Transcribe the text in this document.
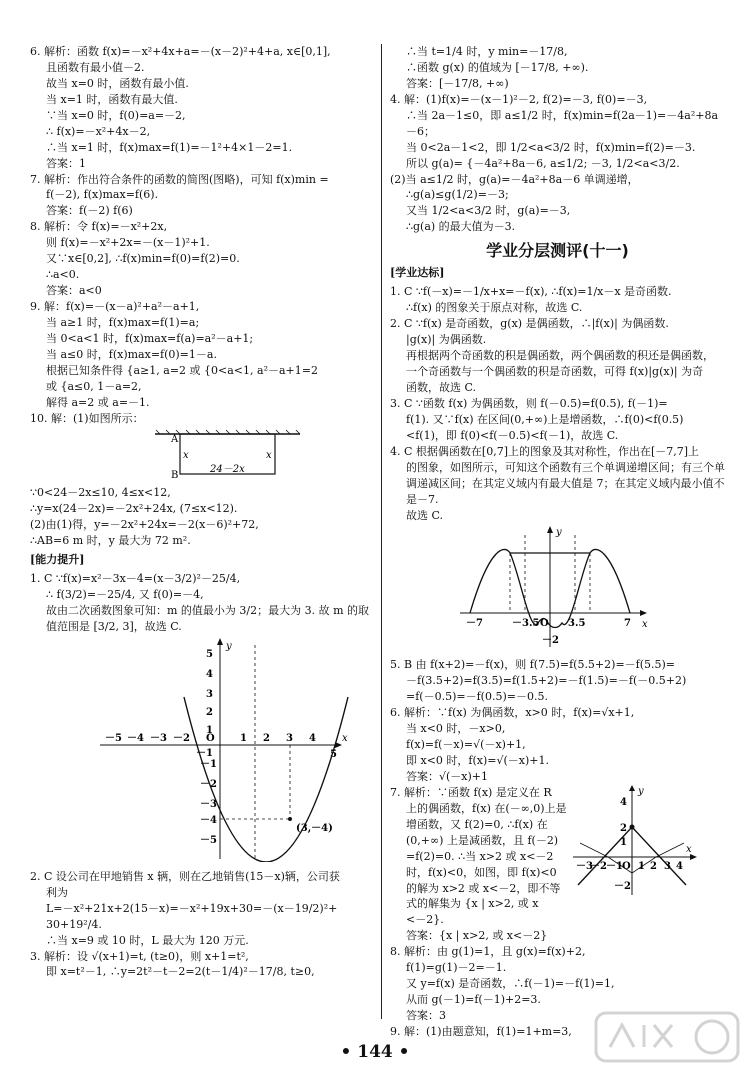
6. 解析：函数 f(x)=－x²+4x+a=－(x－2)²+4+a, x∈[0,1],
且函数有最小值－2.
故当 x=0 时，函数有最小值.
当 x=1 时，函数有最大值.
∵当 x=0 时，f(0)=a=－2,
∴ f(x)=－x²+4x－2,
∴当 x=1 时，f(x)max=f(1)=－1²+4×1－2=1.
答案：1
7. 解析：作出符合条件的函数的简图(图略)，可知 f(x)min =
f(－2), f(x)max=f(6).
答案：f(－2) f(6)
8. 解析：令 f(x)=－x²+2x,
则 f(x)=－x²+2x=－(x－1)²+1.
又∵x∈[0,2], ∴f(x)min=f(0)=f(2)=0.
∴a<0.
答案：a<0
9. 解：f(x)=－(x－a)²+a²－a+1,
当 a≥1 时，f(x)max=f(1)=a;
当 0<a<1 时，f(x)max=f(a)=a²－a+1;
当 a≤0 时，f(x)max=f(0)=1－a.
根据已知条件得 {a≥1, a=2 或 {0<a<1, a²－a+1=2
或 {a≤0, 1－a=2,
解得 a=2 或 a=－1.
10. 解：(1)如图所示：
A
B
x	x
24－2x
∵0<24－2x≤10, 4≤x<12,
∴y=x(24－2x)=－2x²+24x, (7≤x<12).
(2)由(1)得，y=－2x²+24x=－2(x－6)²+72,
∴AB=6 m 时，y 最大为 72 m².
[能力提升]
1. C ∵f(x)=x²－3x－4=(x－3/2)²－25/4,
∴ f(3/2)=－25/4, 又 f(0)=－4,
故由二次函数图象可知：m 的值最小为 3/2；最大为 3. 故 m 的取
值范围是 [3/2, 3]，故选 C.
y
x
O
－5 －4 －3 －2
－1
1 2 3 4
5
5
4
3
2
1
－1
－2
－3
－4
－5
(3,－4)
2. C 设公司在甲地销售 x 辆，则在乙地销售(15－x)辆，公司获
利为
L=－x²+21x+2(15－x)=－x²+19x+30=－(x－19/2)²+
30+19²/4.
∴当 x=9 或 10 时，L 最大为 120 万元.
3. 解析：设 √(x+1)=t, (t≥0)，则 x+1=t²,
即 x=t²－1, ∴y=2t²－t－2=2(t－1/4)²－17/8, t≥0,
∴当 t=1/4 时，y min=－17/8,
∴函数 g(x) 的值域为 [－17/8, +∞).
答案：[－17/8, +∞)
4. 解：(1)f(x)=－(x－1)²－2, f(2)=－3, f(0)=－3,
∴当 2a－1≤0，即 a≤1/2 时，f(x)min=f(2a－1)=－4a²+8a
－6；
当 0<2a－1<2，即 1/2<a<3/2 时，f(x)min=f(2)=－3.
所以 g(a)= {－4a²+8a－6, a≤1/2; －3, 1/2<a<3/2.
(2)当 a≤1/2 时，g(a)=－4a²+8a－6 单调递增，
∴g(a)≤g(1/2)=－3;
又当 1/2<a<3/2 时，g(a)=－3,
∴g(a) 的最大值为－3.
学业分层测评(十一)
[学业达标]
1. C ∵f(－x)=－1/x+x=－f(x), ∴f(x)=1/x－x 是奇函数.
∴f(x) 的图象关于原点对称，故选 C.
2. C ∵f(x) 是奇函数，g(x) 是偶函数，∴|f(x)| 为偶函数.
|g(x)| 为偶函数.
再根据两个奇函数的积是偶函数，两个偶函数的积还是偶函数，
一个奇函数与一个偶函数的积是奇函数，可得 f(x)|g(x)| 为奇
函数，故选 C.
3. C ∵函数 f(x) 为偶函数，则 f(－0.5)=f(0.5), f(－1)=
f(1). 又∵f(x) 在区间(0,+∞)上是增函数，∴f(0)<f(0.5)
<f(1)，即 f(0)<f(－0.5)<f(－1)，故选 C.
4. C 根据偶函数在[0,7]上的图象及其对称性，作出在[－7,7]上
的图象，如图所示，可知这个函数有三个单调递增区间；有三个单
调递减区间；在其定义域内有最大值是 7；在其定义域内最小值不
是－7.
故选 C.
y
x
－7	－3.5 O 3.5	7
－2
5. B 由 f(x+2)=－f(x)，则 f(7.5)=f(5.5+2)=－f(5.5)=
－f(3.5+2)=f(3.5)=f(1.5+2)=－f(1.5)=－f(－0.5+2)
=f(－0.5)=－f(0.5)=－0.5.
6. 解析：∵f(x) 为偶函数，x>0 时，f(x)=√x+1,
当 x<0 时，－x>0,
f(x)=f(－x)=√(－x)+1,
即 x<0 时，f(x)=√(－x)+1.
答案：√(－x)+1
7. 解析：∵函数 f(x) 是定义在 R
上的偶函数，f(x) 在(－∞,0)上是
增函数，又 f(2)=0, ∴f(x) 在
(0,+∞) 上是减函数，且 f(－2)
=f(2)=0. ∴当 x>2 或 x<－2
时，f(x)<0，如图，即 f(x)<0
的解为 x>2 或 x<－2，即不等
式的解集为 {x | x>2, 或 x
<－2}.
y
x
4
2
1
－2
－3
－2 －1 O 1 2 3 4
答案：{x | x>2, 或 x<－2}
8. 解析：由 g(1)=1，且 g(x)=f(x)+2,
f(1)=g(1)－2=－1.
又 y=f(x) 是奇函数，∴f(－1)=－f(1)=1,
从而 g(－1)=f(－1)+2=3.
答案：3
9. 解：(1)由题意知，f(1)=1+m=3,
• 144 •
